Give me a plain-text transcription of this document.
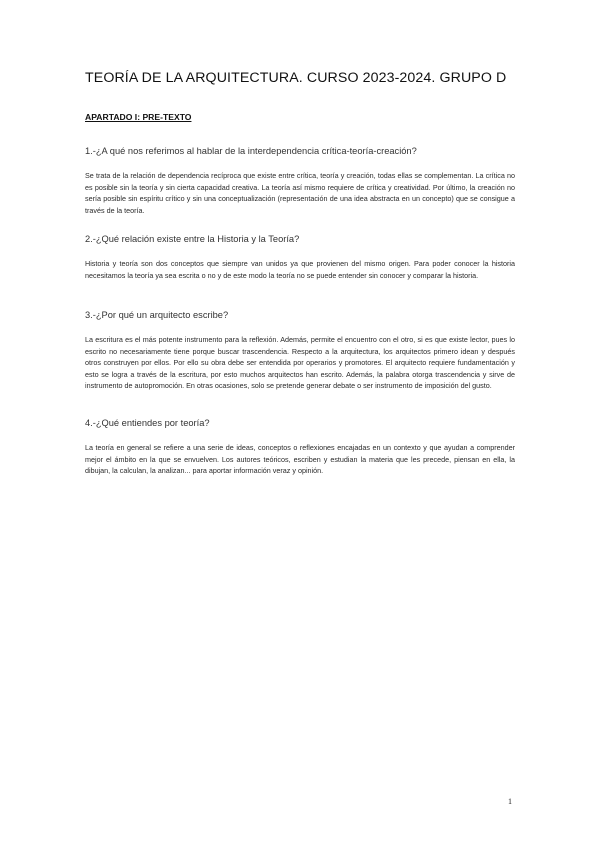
TEORÍA DE LA ARQUITECTURA. CURSO 2023-2024. GRUPO D
APARTADO I: PRE-TEXTO

1.-¿A qué nos referimos al hablar de la interdependencia crítica-teoría-creación?

Se trata de la relación de dependencia recíproca que existe entre crítica, teoría y creación, todas ellas se complementan. La crítica no es posible sin la teoría y sin cierta capacidad creativa. La teoría así mismo requiere de crítica y creatividad. Por último, la creación no sería posible sin espíritu crítico y sin una conceptualización (representación de una idea abstracta en un concepto) que se consigue a través de la teoría.

2.-¿Qué relación existe entre la Historia y la Teoría?

Historia y teoría son dos conceptos que siempre van unidos ya que provienen del mismo origen. Para poder conocer la historia necesitamos la teoría ya sea escrita o no y de este modo la teoría no se puede entender sin conocer y comparar la historia.

3.-¿Por qué un arquitecto escribe?

La escritura es el más potente instrumento para la reflexión. Además, permite el encuentro con el otro, si es que existe lector, pues lo escrito no necesariamente tiene porque buscar trascendencia. Respecto a la arquitectura, los arquitectos primero idean y después otros construyen por ellos. Por ello su obra debe ser entendida por operarios y promotores. El arquitecto requiere fundamentación y esto se logra a través de la escritura, por esto muchos arquitectos han escrito. Además, la palabra otorga trascendencia y sirve de instrumento de autopromoción. En otras ocasiones, solo se pretende generar debate o ser instrumento de imposición del gusto.

4.-¿Qué entiendes por teoría?

La teoría en general se refiere a una serie de ideas, conceptos o reflexiones encajadas en un contexto y que ayudan a comprender mejor el ámbito en la que se envuelven. Los autores teóricos, escriben y estudian la materia que les precede, piensan en ella, la dibujan, la calculan, la analizan... para aportar información veraz y opinión.

1
